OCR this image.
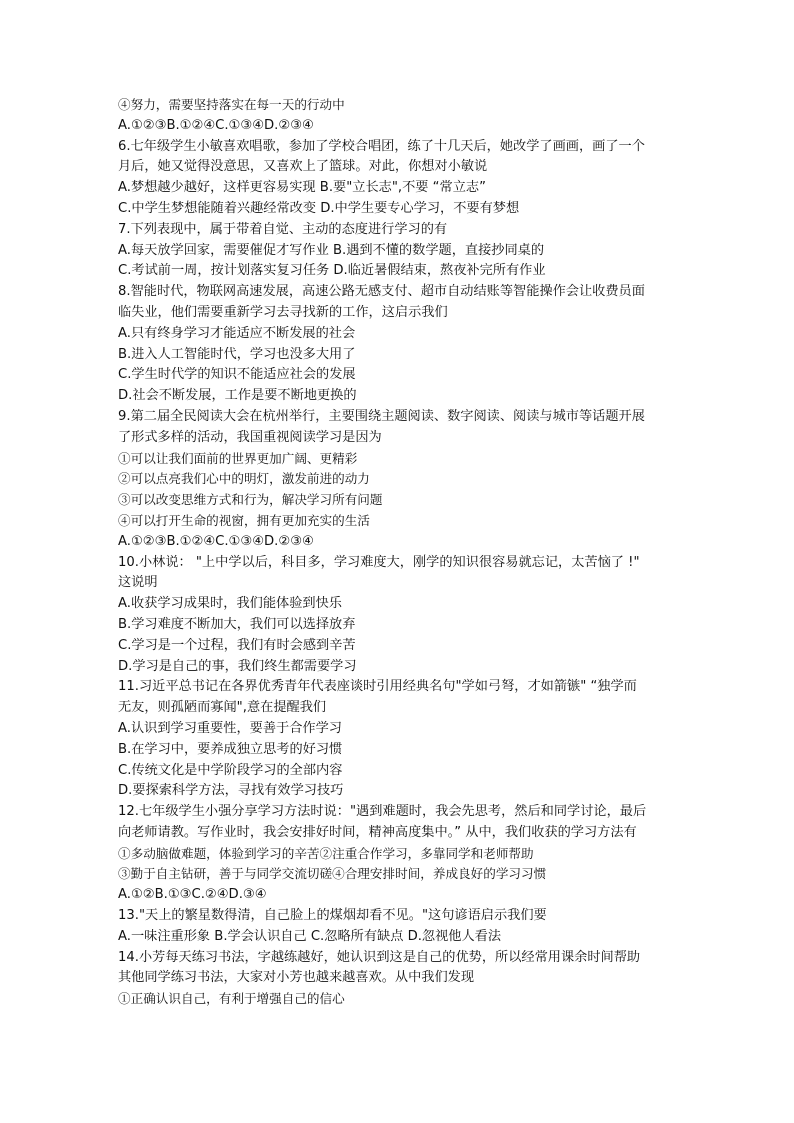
④努力，需要坚持落实在每一天的行动中
A.①②③B.①②④C.①③④D.②③④
6.七年级学生小敏喜欢唱歌，参加了学校合唱团，练了十几天后，她改学了画画，画了一个
月后，她又觉得没意思，又喜欢上了篮球。对此，你想对小敏说
A.梦想越少越好，这样更容易实现 B.要"立长志",不要 “常立志”
C.中学生梦想能随着兴趣经常改变 D.中学生要专心学习，不要有梦想
7.下列表现中，属于带着自觉、主动的态度进行学习的有
A.每天放学回家，需要催促才写作业 B.遇到不懂的数学题，直接抄同桌的
C.考试前一周，按计划落实复习任务 D.临近暑假结束，熬夜补完所有作业
8.智能时代，物联网高速发展，高速公路无感支付、超市自动结账等智能操作会让收费员面
临失业，他们需要重新学习去寻找新的工作，这启示我们
A.只有终身学习才能适应不断发展的社会
B.进入人工智能时代，学习也没多大用了
C.学生时代学的知识不能适应社会的发展
D.社会不断发展，工作是要不断地更换的
9.第二届全民阅读大会在杭州举行，主要围绕主题阅读、数字阅读、阅读与城市等话题开展
了形式多样的活动，我国重视阅读学习是因为
①可以让我们面前的世界更加广阔、更精彩
②可以点亮我们心中的明灯，激发前进的动力
③可以改变思维方式和行为，解决学习所有问题
④可以打开生命的视窗，拥有更加充实的生活
A.①②③B.①②④C.①③④D.②③④
10.小林说： "上中学以后，科目多，学习难度大，刚学的知识很容易就忘记，太苦恼了 !"
这说明
A.收获学习成果时，我们能体验到快乐
B.学习难度不断加大，我们可以选择放弃
C.学习是一个过程，我们有时会感到辛苦
D.学习是自己的事，我们终生都需要学习
11.习近平总书记在各界优秀青年代表座谈时引用经典名句"学如弓弩，才如箭镞" “独学而
无友，则孤陋而寡闻",意在提醒我们
A.认识到学习重要性，要善于合作学习
B.在学习中，要养成独立思考的好习惯
C.传统文化是中学阶段学习的全部内容
D.要探索科学方法，寻找有效学习技巧
12.七年级学生小强分享学习方法时说："遇到难题时，我会先思考，然后和同学讨论，最后
向老师请教。写作业时，我会安排好时间，精神高度集中。” 从中，我们收获的学习方法有
①多动脑做难题，体验到学习的辛苦②注重合作学习，多靠同学和老师帮助
③勤于自主钻研，善于与同学交流切磋④合理安排时间，养成良好的学习习惯
A.①②B.①③C.②④D.③④
13."天上的繁星数得清，自己脸上的煤烟却看不见。"这句谚语启示我们要
A.一味注重形象 B.学会认识自己 C.忽略所有缺点 D.忽视他人看法
14.小芳每天练习书法，字越练越好，她认识到这是自己的优势，所以经常用课余时间帮助
其他同学练习书法，大家对小芳也越来越喜欢。从中我们发现
①正确认识自己，有利于增强自己的信心
